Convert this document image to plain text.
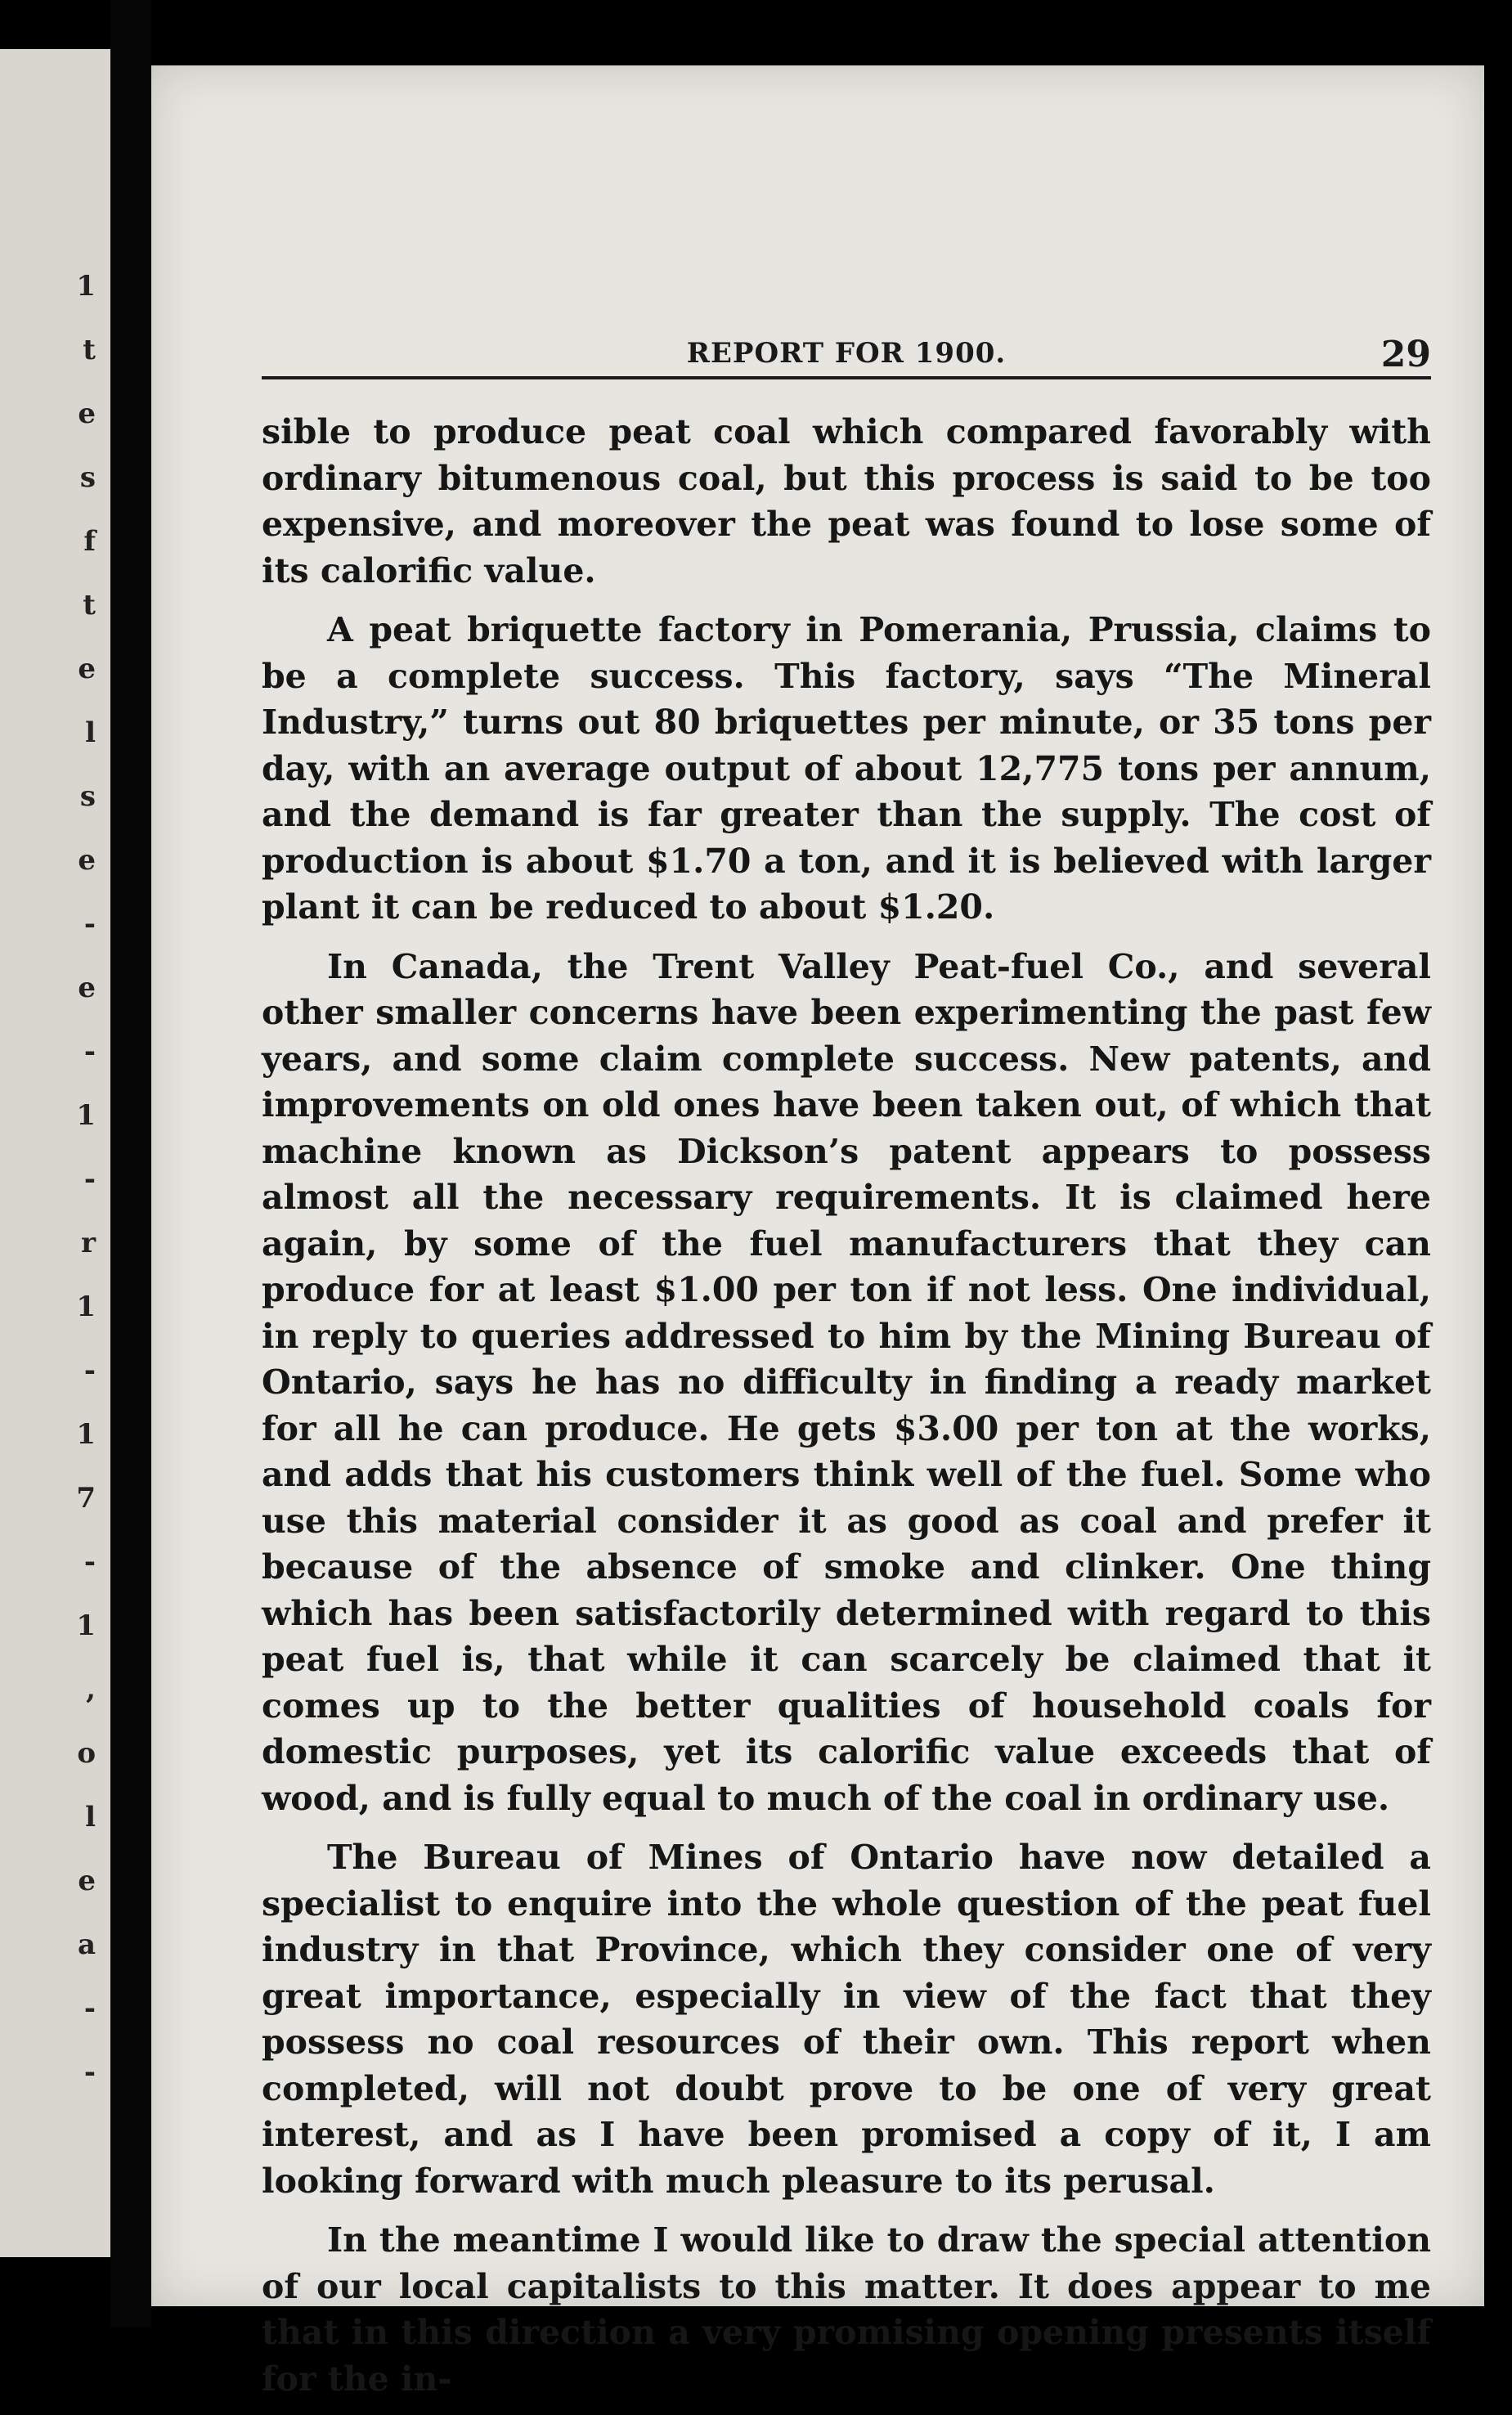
1
t
e
s
f
t
e
l
s
e
-
e
-
1
-
r
1
-
1
7
-
1
,
o
l
e
a
-
-
REPORT FOR 1900.	29

sible to produce peat coal which compared favorably with ordinary bitumenous coal, but this process is said to be too expensive, and moreover the peat was found to lose some of its calorific value.

A peat briquette factory in Pomerania, Prussia, claims to be a complete success. This factory, says “The Mineral Industry,” turns out 80 briquettes per minute, or 35 tons per day, with an average output of about 12,775 tons per annum, and the demand is far greater than the supply. The cost of production is about $1.70 a ton, and it is believed with larger plant it can be reduced to about $1.20.

In Canada, the Trent Valley Peat-fuel Co., and several other smaller concerns have been experimenting the past few years, and some claim complete success. New patents, and improvements on old ones have been taken out, of which that machine known as Dickson’s patent appears to possess almost all the necessary requirements. It is claimed here again, by some of the fuel manufacturers that they can produce for at least $1.00 per ton if not less. One individual, in reply to queries addressed to him by the Mining Bureau of Ontario, says he has no difficulty in finding a ready market for all he can produce. He gets $3.00 per ton at the works, and adds that his customers think well of the fuel. Some who use this material consider it as good as coal and prefer it because of the absence of smoke and clinker. One thing which has been satisfactorily determined with regard to this peat fuel is, that while it can scarcely be claimed that it comes up to the better qualities of household coals for domestic purposes, yet its calorific value exceeds that of wood, and is fully equal to much of the coal in ordinary use.

The Bureau of Mines of Ontario have now detailed a specialist to enquire into the whole question of the peat fuel industry in that Province, which they consider one of very great importance, especially in view of the fact that they possess no coal resources of their own. This report when completed, will not doubt prove to be one of very great interest, and as I have been promised a copy of it, I am looking forward with much pleasure to its perusal.

In the meantime I would like to draw the special attention of our local capitalists to this matter. It does appear to me that in this direction a very promising opening presents itself for the in-
